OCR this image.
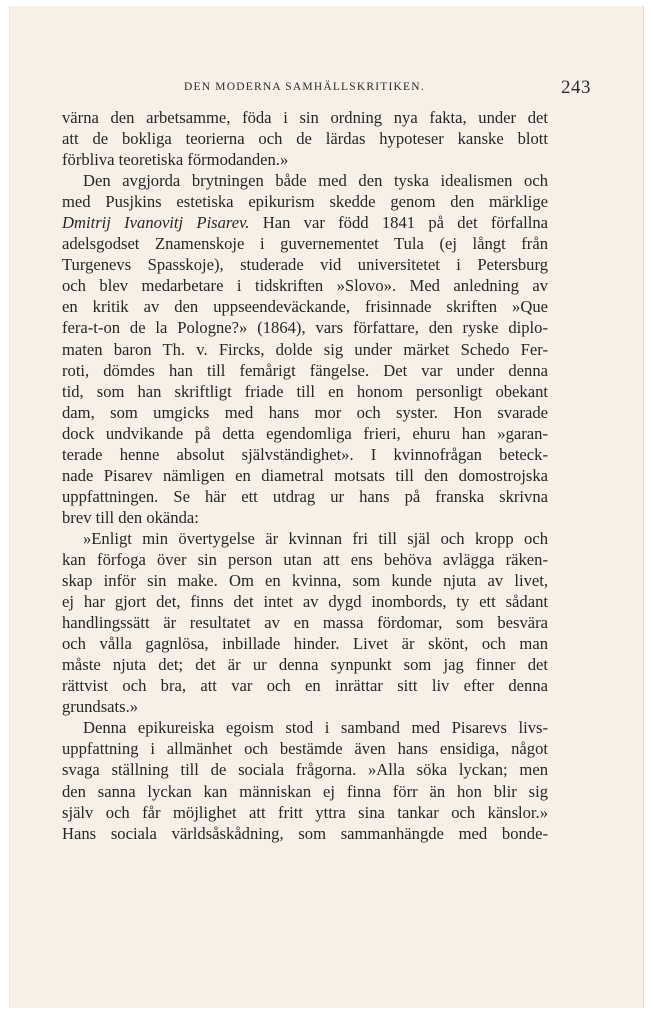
DEN MODERNA SAMHÄLLSKRITIKEN.	243
värna den arbetsamme, föda i sin ordning nya fakta, under det
att de bokliga teorierna och de lärdas hypoteser kanske blott
förbliva teoretiska förmodanden.»
Den avgjorda brytningen både med den tyska idealismen och
med Pusjkins estetiska epikurism skedde genom den märklige
Dmitrij Ivanovitj Pisarev. Han var född 1841 på det förfallna
adelsgodset Znamenskoje i guvernementet Tula (ej långt från
Turgenevs Spasskoje), studerade vid universitetet i Petersburg
och blev medarbetare i tidskriften »Slovo». Med anledning av
en kritik av den uppseendeväckande, frisinnade skriften »Que
fera-t-on de la Pologne?» (1864), vars författare, den ryske diplo-
maten baron Th. v. Fircks, dolde sig under märket Schedo Fer-
roti, dömdes han till femårigt fängelse. Det var under denna
tid, som han skriftligt friade till en honom personligt obekant
dam, som umgicks med hans mor och syster. Hon svarade
dock undvikande på detta egendomliga frieri, ehuru han »garan-
terade henne absolut självständighet». I kvinnofrågan beteck-
nade Pisarev nämligen en diametral motsats till den domostrojska
uppfattningen. Se här ett utdrag ur hans på franska skrivna
brev till den okända:
»Enligt min övertygelse är kvinnan fri till själ och kropp och
kan förfoga över sin person utan att ens behöva avlägga räken-
skap inför sin make. Om en kvinna, som kunde njuta av livet,
ej har gjort det, finns det intet av dygd inombords, ty ett sådant
handlingssätt är resultatet av en massa fördomar, som besvära
och vålla gagnlösa, inbillade hinder. Livet är skönt, och man
måste njuta det; det är ur denna synpunkt som jag finner det
rättvist och bra, att var och en inrättar sitt liv efter denna
grundsats.»
Denna epikureiska egoism stod i samband med Pisarevs livs-
uppfattning i allmänhet och bestämde även hans ensidiga, något
svaga ställning till de sociala frågorna. »Alla söka lyckan; men
den sanna lyckan kan människan ej finna förr än hon blir sig
själv och får möjlighet att fritt yttra sina tankar och känslor.»
Hans sociala världsåskådning, som sammanhängde med bonde-
